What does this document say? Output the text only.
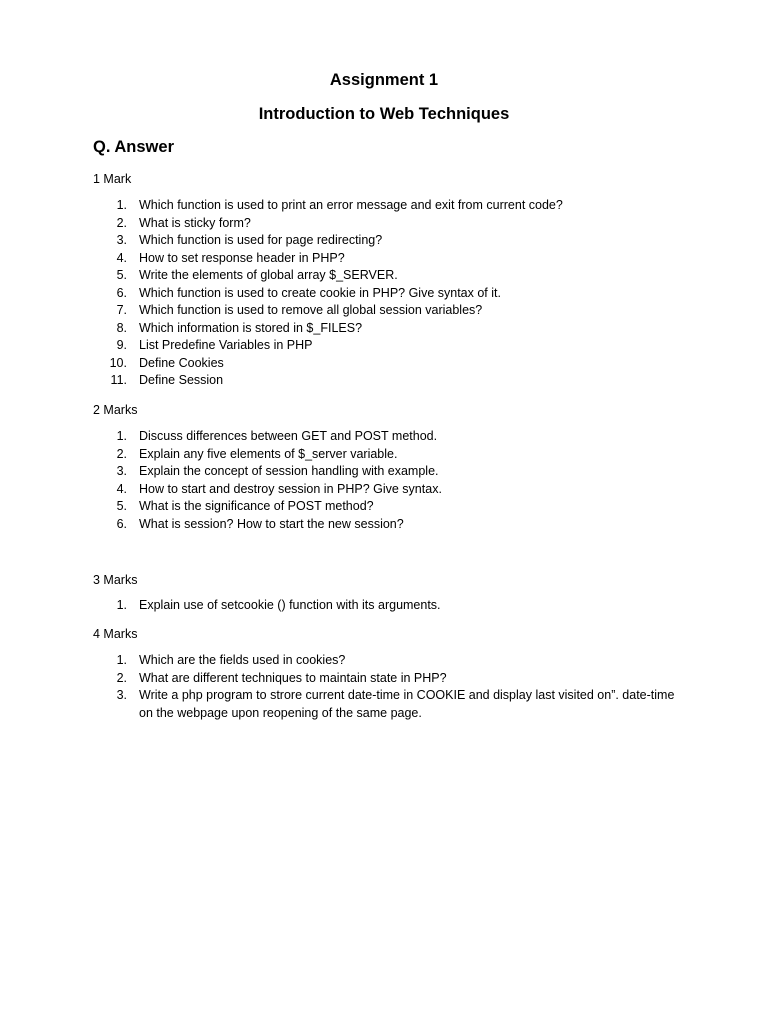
Assignment 1
Introduction to Web Techniques
Q. Answer
1 Mark
1. Which function is used to print an error message and exit from current code?
2. What is sticky form?
3. Which function is used for page redirecting?
4. How to set response header in PHP?
5. Write the elements of global array $_SERVER.
6. Which function is used to create cookie in PHP? Give syntax of it.
7. Which function is used to remove all global session variables?
8. Which information is stored in $_FILES?
9. List Predefine Variables in PHP
10. Define Cookies
11. Define Session
2 Marks
1. Discuss differences between GET and POST method.
2. Explain any five elements of $_server variable.
3. Explain the concept of session handling with example.
4. How to start and destroy session in PHP? Give syntax.
5. What is the significance of POST method?
6. What is session? How to start the new session?
3 Marks
1. Explain use of setcookie () function with its arguments.
4 Marks
1. Which are the fields used in cookies?
2. What are different techniques to maintain state in PHP?
3. Write a php program to strore current date-time in COOKIE and display last visited on”. date-time on the webpage upon reopening of the same page.
